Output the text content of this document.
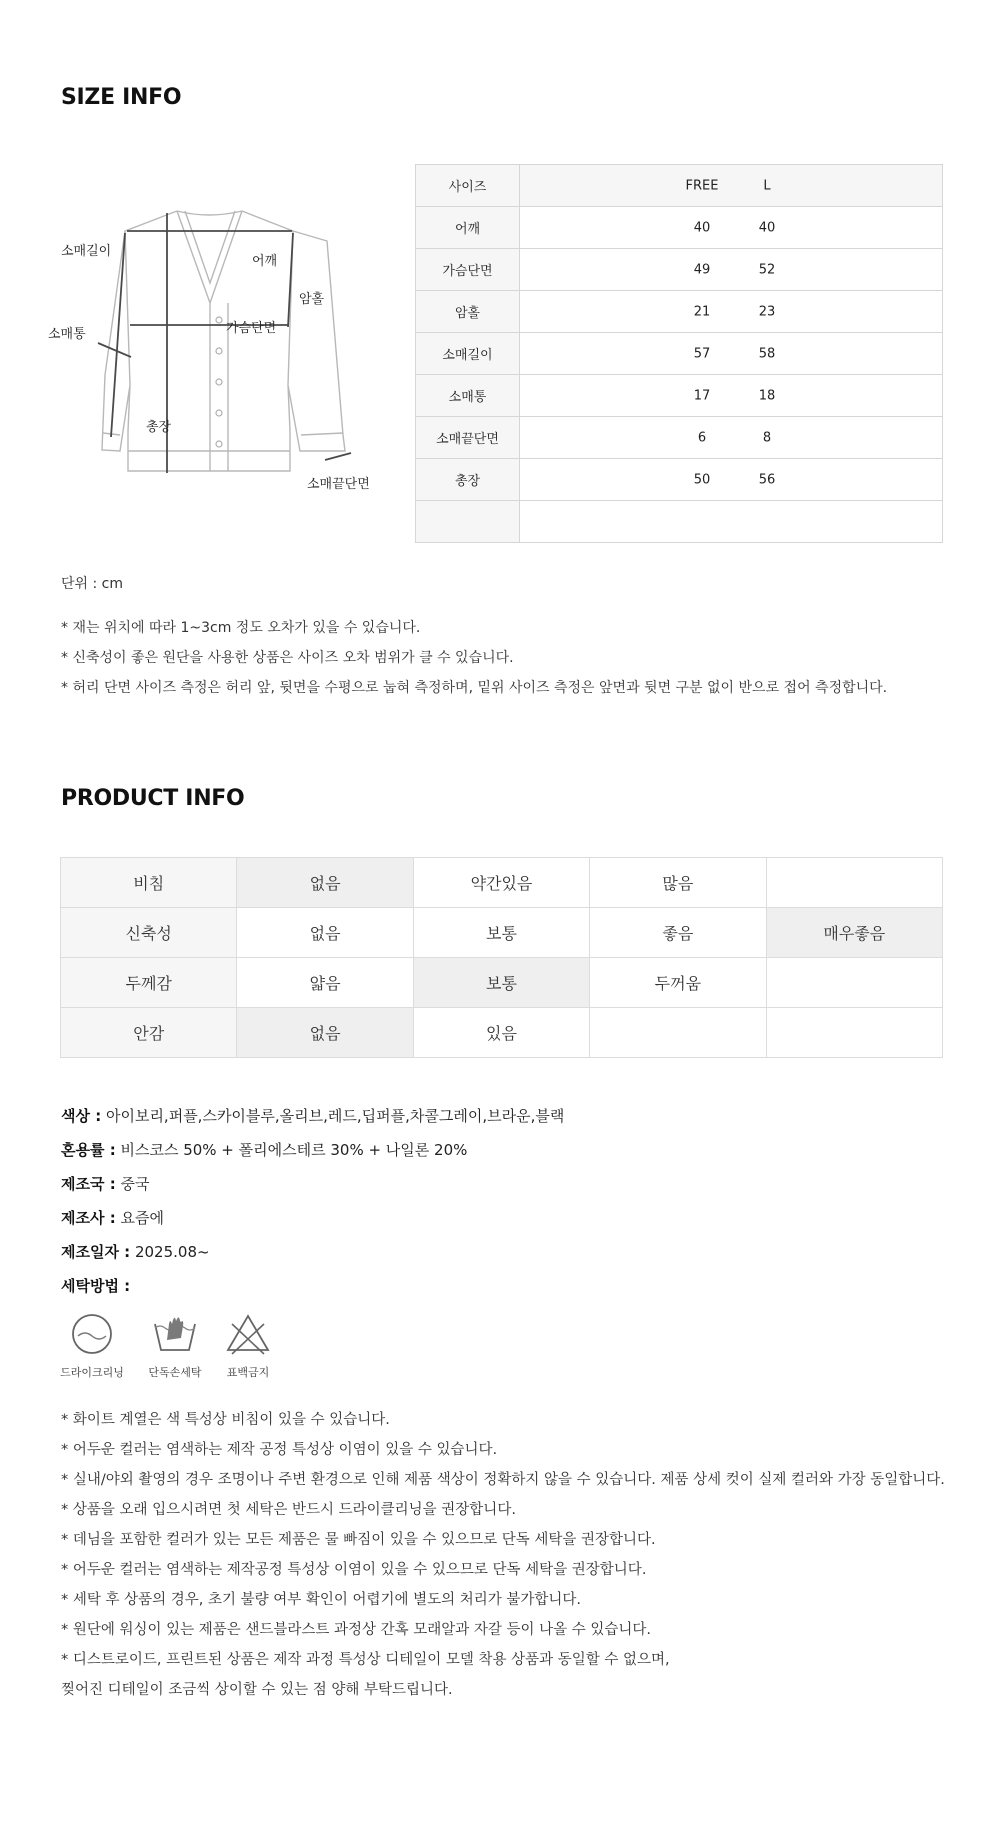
SIZE INFO
소매길이
어깨
암홀
소매통	가슴단면
총장
소매끝단면
사이즈	FREE L

어깨	40 40

가슴단면	49 52

암홀	21 23

소매길이	57 58

소매통	17 18

소매끝단면	6 8

총장	50 56

단위 : cm
* 재는 위치에 따라 1~3cm 정도 오차가 있을 수 있습니다.
* 신축성이 좋은 원단을 사용한 상품은 사이즈 오차 범위가 클 수 있습니다.
* 허리 단면 사이즈 측정은 허리 앞, 뒷면을 수평으로 눕혀 측정하며, 밑위 사이즈 측정은 앞면과 뒷면 구분 없이 반으로 접어 측정합니다.
PRODUCT INFO
비침	없음	약간있음	많음	
신축성	없음	보통	좋음	매우좋음
두께감	얇음	보통	두꺼움	
안감	없음	있음		
색상 : 아이보리,퍼플,스카이블루,올리브,레드,딥퍼플,차콜그레이,브라운,블랙
혼용률 : 비스코스 50% + 폴리에스테르 30% + 나일론 20%
제조국 : 중국
제조사 : 요즘에
제조일자 : 2025.08~
세탁방법 :
드라이크리닝	단독손세탁	표백금지
* 화이트 계열은 색 특성상 비침이 있을 수 있습니다.
* 어두운 컬러는 염색하는 제작 공정 특성상 이염이 있을 수 있습니다.
* 실내/야외 촬영의 경우 조명이나 주변 환경으로 인해 제품 색상이 정확하지 않을 수 있습니다. 제품 상세 컷이 실제 컬러와 가장 동일합니다.
* 상품을 오래 입으시려면 첫 세탁은 반드시 드라이클리닝을 권장합니다.
* 데님을 포함한 컬러가 있는 모든 제품은 물 빠짐이 있을 수 있으므로 단독 세탁을 권장합니다.
* 어두운 컬러는 염색하는 제작공정 특성상 이염이 있을 수 있으므로 단독 세탁을 권장합니다.
* 세탁 후 상품의 경우, 초기 불량 여부 확인이 어렵기에 별도의 처리가 불가합니다.
* 원단에 워싱이 있는 제품은 샌드블라스트 과정상 간혹 모래알과 자갈 등이 나올 수 있습니다.
* 디스트로이드, 프린트된 상품은 제작 과정 특성상 디테일이 모델 착용 상품과 동일할 수 없으며,
찢어진 디테일이 조금씩 상이할 수 있는 점 양해 부탁드립니다.
